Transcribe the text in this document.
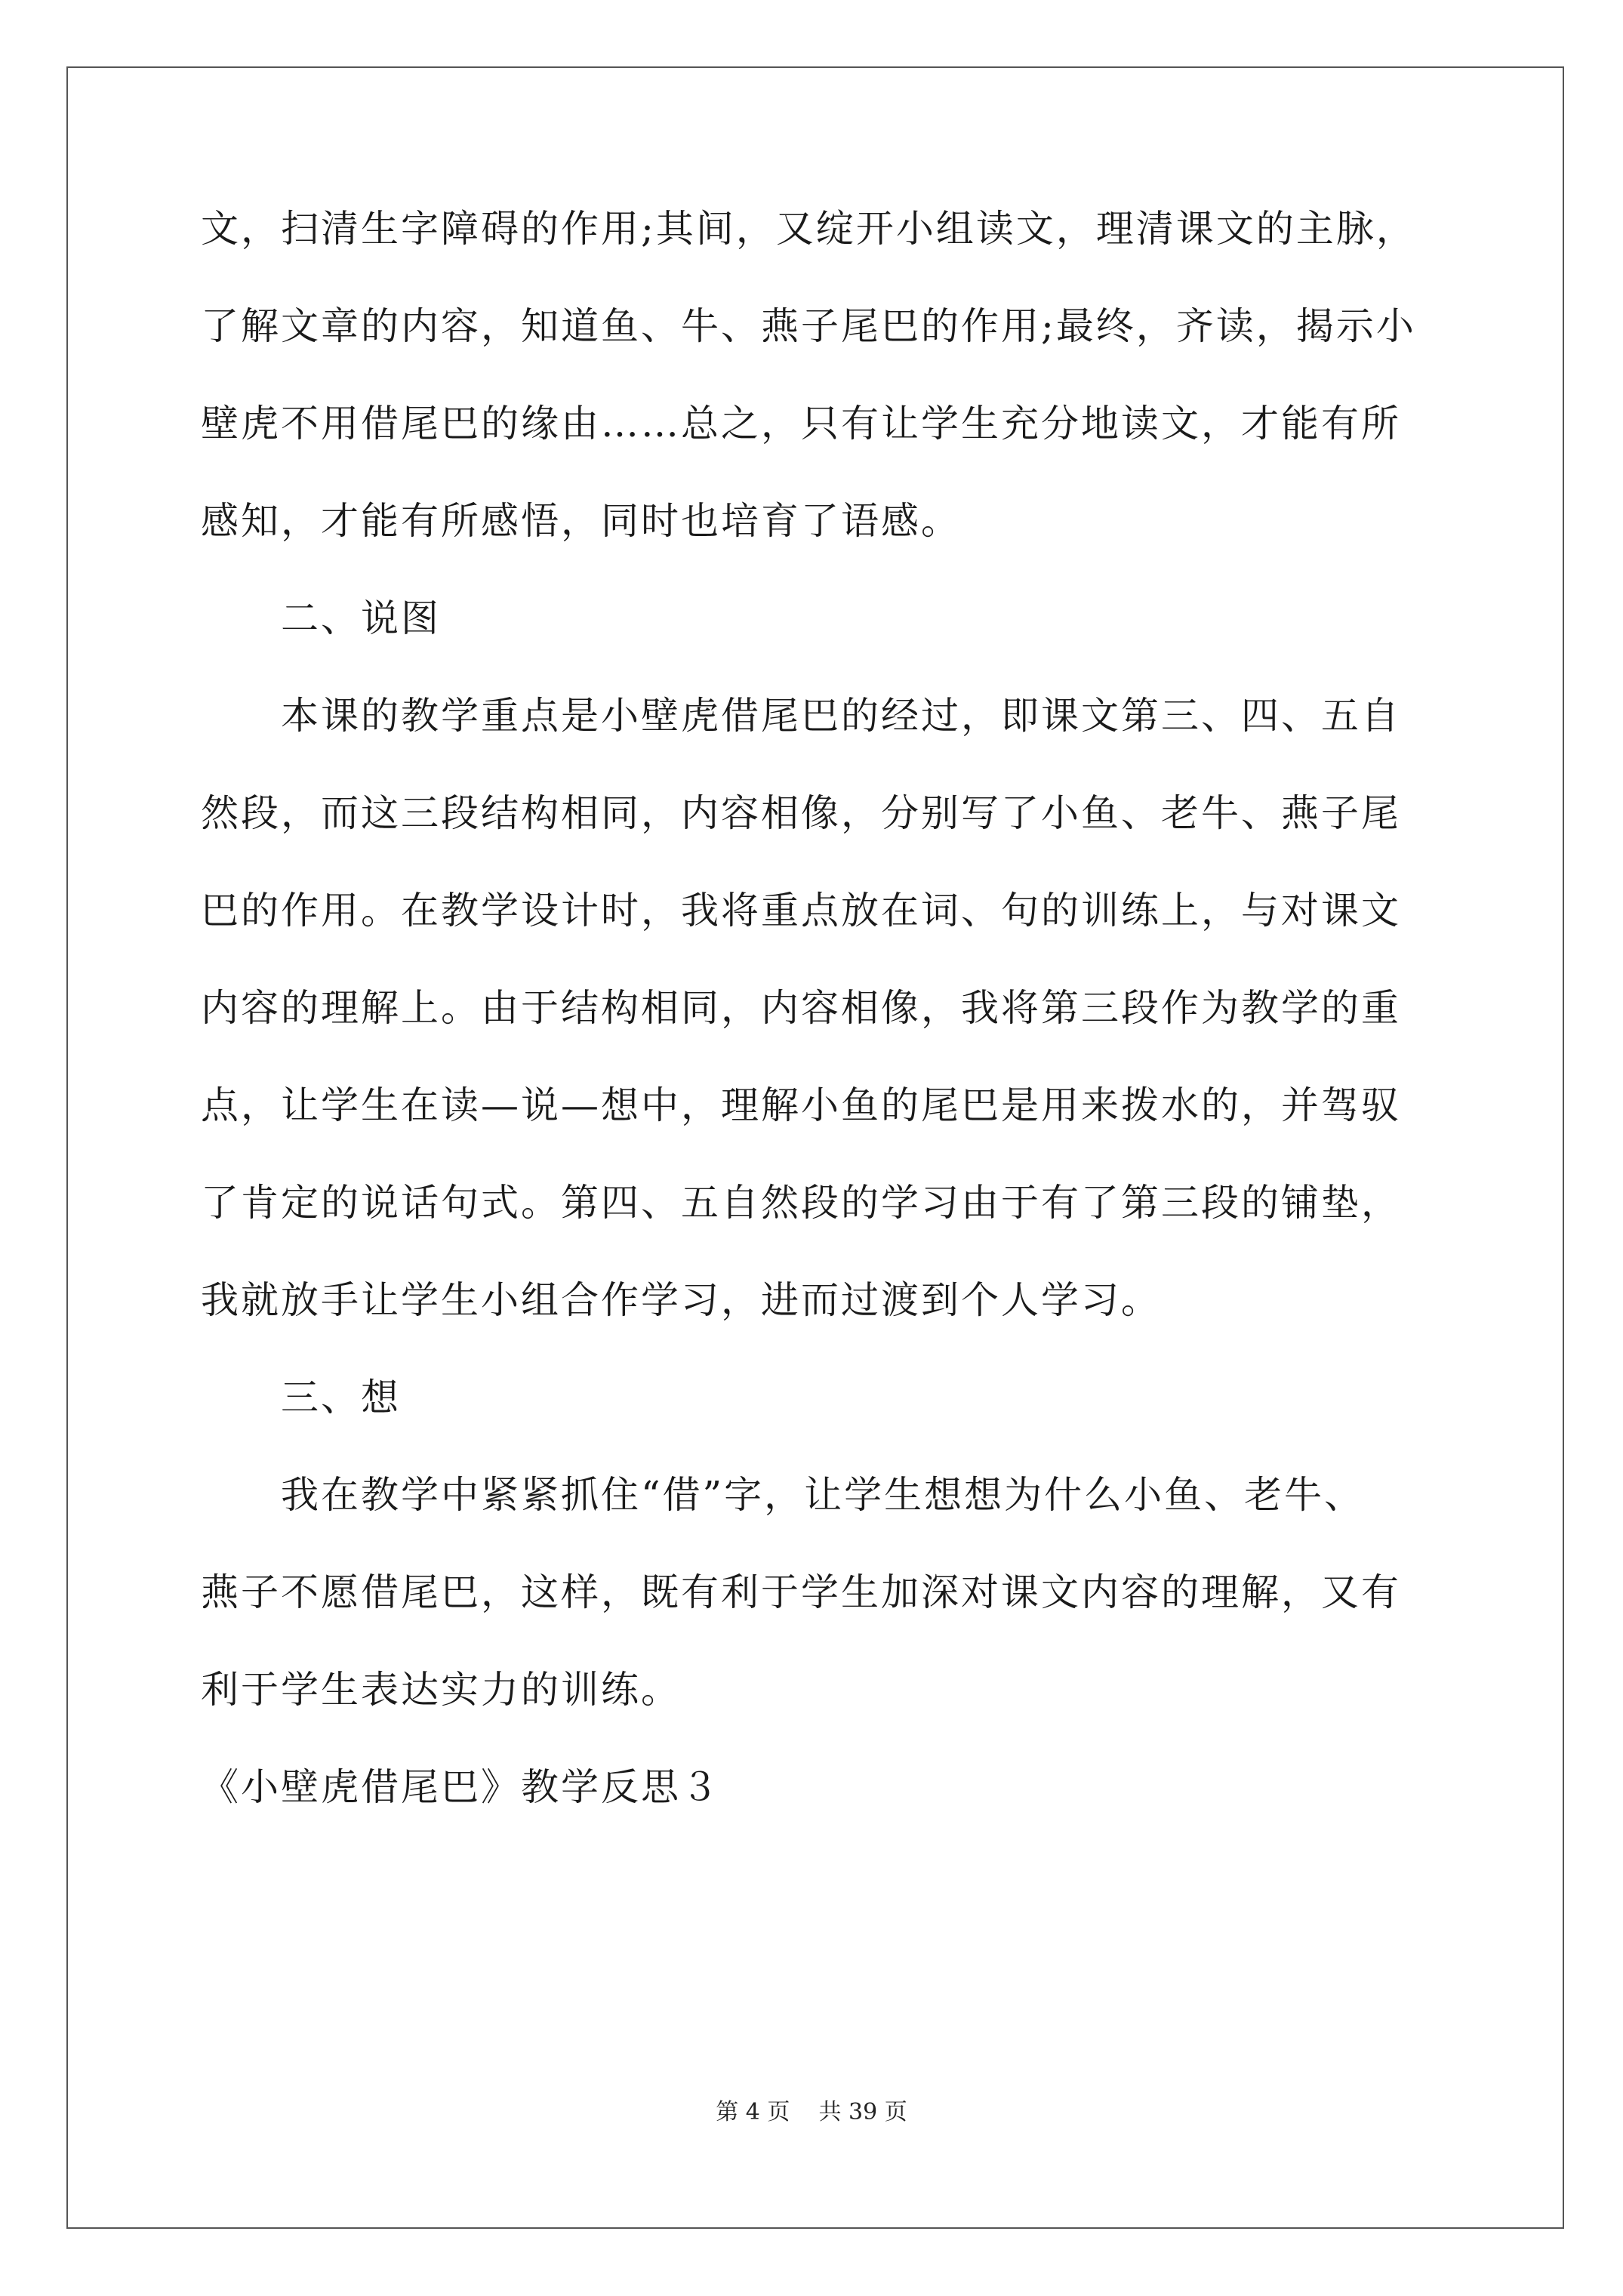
文，扫清生字障碍的作用;其间，又绽开小组读文，理清课文的主脉，
了解文章的内容，知道鱼、牛、燕子尾巴的作用;最终，齐读，揭示小
壁虎不用借尾巴的缘由……总之，只有让学生充分地读文，才能有所
感知，才能有所感悟，同时也培育了语感。
二、说图
本课的教学重点是小壁虎借尾巴的经过，即课文第三、四、五自
然段，而这三段结构相同，内容相像，分别写了小鱼、老牛、燕子尾
巴的作用。在教学设计时，我将重点放在词、句的训练上，与对课文
内容的理解上。由于结构相同，内容相像，我将第三段作为教学的重
点，让学生在读—说—想中，理解小鱼的尾巴是用来拨水的，并驾驭
了肯定的说话句式。第四、五自然段的学习由于有了第三段的铺垫，
我就放手让学生小组合作学习，进而过渡到个人学习。
三、想
我在教学中紧紧抓住“借”字，让学生想想为什么小鱼、老牛、
燕子不愿借尾巴，这样，既有利于学生加深对课文内容的理解，又有
利于学生表达实力的训练。
《小壁虎借尾巴》教学反思３
第 4 页    共 39 页
